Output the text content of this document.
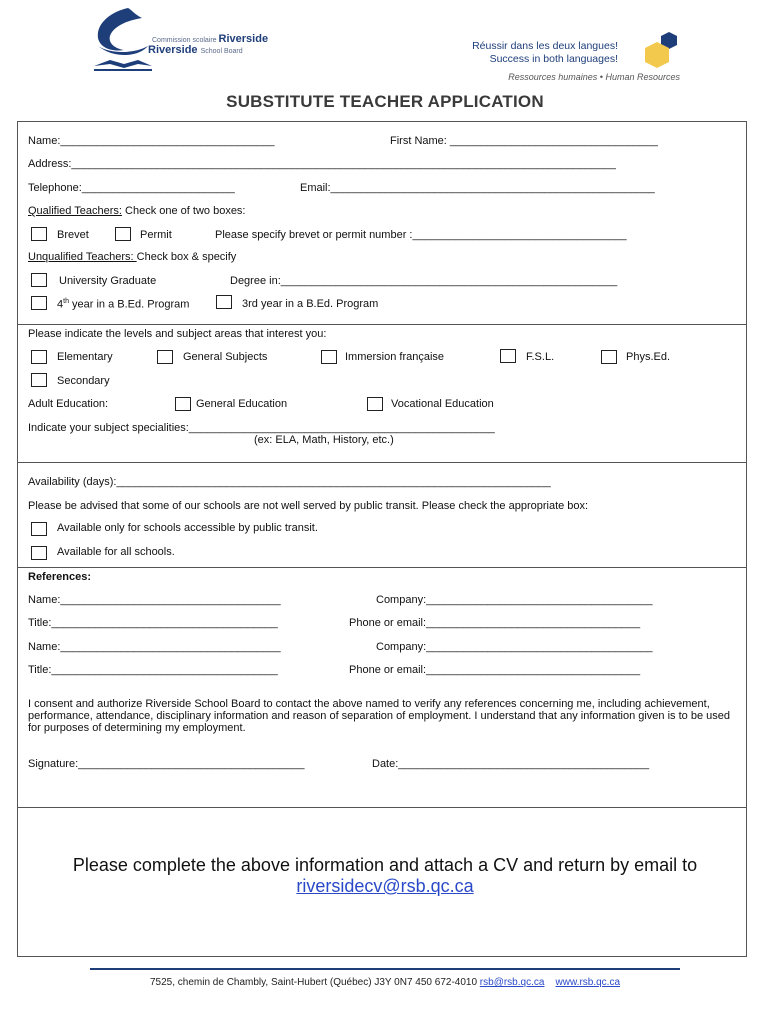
Commission scolaire Riverside
Riverside School Board	Réussir dans les deux langues!
Success in both languages!
Ressources humaines • Human Resources
SUBSTITUTE TEACHER APPLICATION
Name:___________________________________	First Name: __________________________________
Address:_________________________________________________________________________________________
Telephone:_________________________	Email:_____________________________________________________
Qualified Teachers: Check one of two boxes:
Brevet	Permit	Please specify brevet or permit number :___________________________________
Unqualified Teachers: Check box & specify
University Graduate	Degree in:_______________________________________________________
4th year in a B.Ed. Program	3rd year in a B.Ed. Program
Please indicate the levels and subject areas that interest you:
Elementary	General Subjects	Immersion française	F.S.L.	Phys.Ed.
Secondary
Adult Education:	General Education	Vocational Education
Indicate your subject specialities:__________________________________________________
(ex: ELA, Math, History, etc.)
Availability (days):_______________________________________________________________________
Please be advised that some of our schools are not well served by public transit. Please check the appropriate box:
Available only for schools accessible by public transit.
Available for all schools.
References:
Name:____________________________________	Company:_____________________________________
Title:_____________________________________	Phone or email:___________________________________
Name:____________________________________	Company:_____________________________________
Title:_____________________________________	Phone or email:___________________________________
I consent and authorize Riverside School Board to contact the above named to verify any references concerning me, including achievement, performance, attendance, disciplinary information and reason of separation of employment. I understand that any information given is to be used for purposes of determining my employment.
Signature:_____________________________________	Date:_________________________________________
Please complete the above information and attach a CV and return by email to
riversidecv@rsb.qc.ca
7525, chemin de Chambly, Saint-Hubert (Québec) J3Y 0N7 450 672-4010 rsb@rsb.qc.ca www.rsb.qc.ca
